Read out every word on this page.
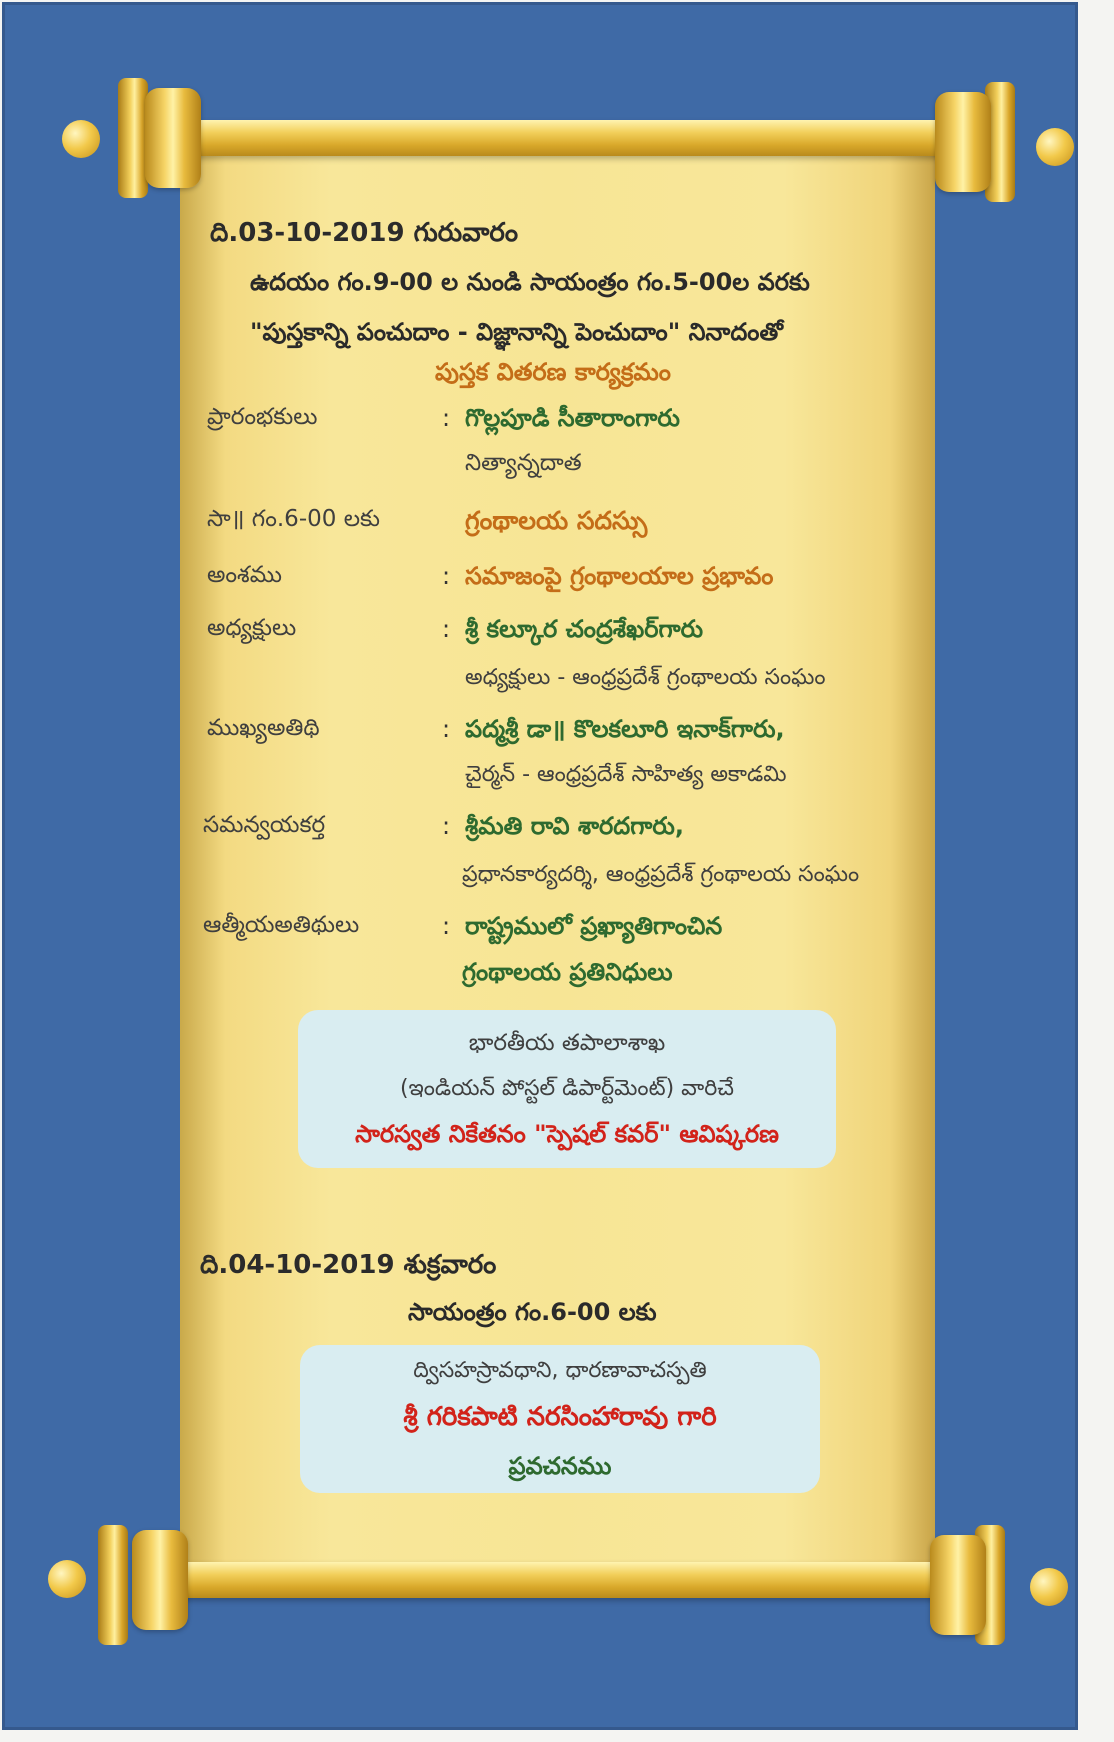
ది.03-10-2019 గురువారం
ఉదయం గం.9-00 ల నుండి సాయంత్రం గం.5-00ల వరకు
"పుస్తకాన్ని పంచుదాం - విజ్ఞానాన్ని పెంచుదాం" నినాదంతో
పుస్తక వితరణ కార్యక్రమం
ప్రారంభకులు	: గొల్లపూడి సీతారాంగారు
నిత్యాన్నదాత
సా॥ గం.6-00 లకు	గ్రంథాలయ సదస్సు
అంశము	: సమాజంపై గ్రంథాలయాల ప్రభావం
అధ్యక్షులు	: శ్రీ కల్కూర చంద్రశేఖర్‌గారు
అధ్యక్షులు - ఆంధ్రప్రదేశ్ గ్రంథాలయ సంఘం
ముఖ్యఅతిథి	: పద్మశ్రీ డా॥ కొలకలూరి ఇనాక్‌గారు,
చైర్మన్ - ఆంధ్రప్రదేశ్ సాహిత్య అకాడమి
సమన్వయకర్త	: శ్రీమతి రావి శారదగారు,
ప్రధానకార్యదర్శి, ఆంధ్రప్రదేశ్ గ్రంథాలయ సంఘం
ఆత్మీయఅతిథులు	: రాష్ట్రములో ప్రఖ్యాతిగాంచిన
గ్రంథాలయ ప్రతినిధులు
భారతీయ తపాలాశాఖ
(ఇండియన్ పోస్టల్ డిపార్ట్‌మెంట్) వారిచే
సారస్వత నికేతనం "స్పెషల్ కవర్" ఆవిష్కరణ
ది.04-10-2019 శుక్రవారం
సాయంత్రం గం.6-00 లకు
ద్విసహస్రావధాని, ధారణావాచస్పతి
శ్రీ గరికపాటి నరసింహారావు గారి
ప్రవచనము
